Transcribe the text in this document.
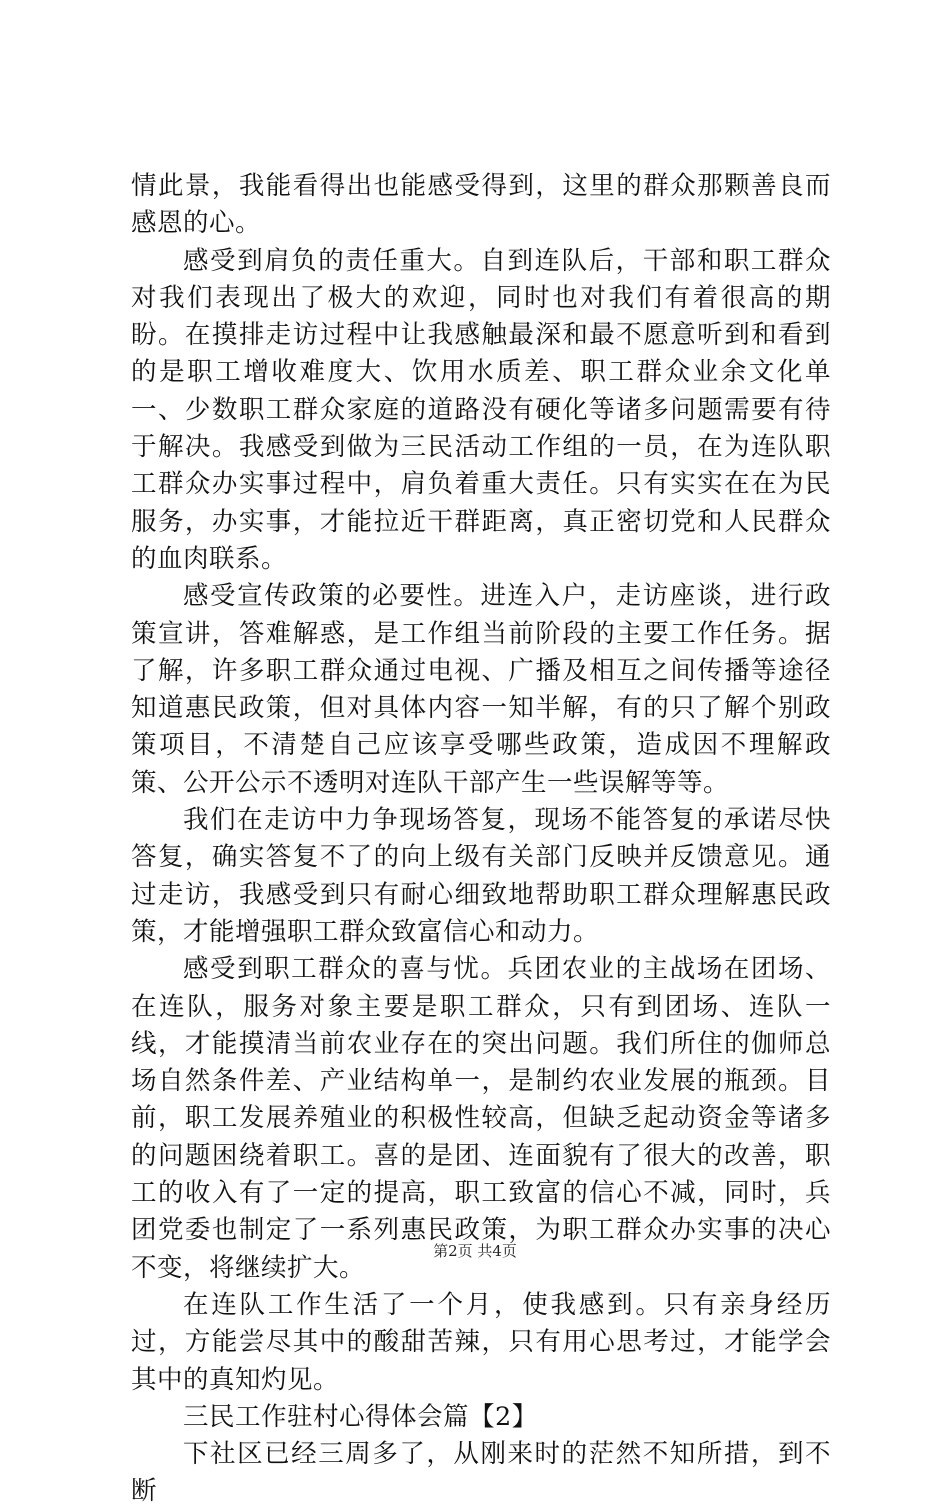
情此景，我能看得出也能感受得到，这里的群众那颗善良而感恩的心。

感受到肩负的责任重大。自到连队后，干部和职工群众对我们表现出了极大的欢迎，同时也对我们有着很高的期盼。在摸排走访过程中让我感触最深和最不愿意听到和看到的是职工增收难度大、饮用水质差、职工群众业余文化单一、少数职工群众家庭的道路没有硬化等诸多问题需要有待于解决。我感受到做为三民活动工作组的一员，在为连队职工群众办实事过程中，肩负着重大责任。只有实实在在为民服务，办实事，才能拉近干群距离，真正密切党和人民群众的血肉联系。

感受宣传政策的必要性。进连入户，走访座谈，进行政策宣讲，答难解惑，是工作组当前阶段的主要工作任务。据了解，许多职工群众通过电视、广播及相互之间传播等途径知道惠民政策，但对具体内容一知半解，有的只了解个别政策项目，不清楚自己应该享受哪些政策，造成因不理解政策、公开公示不透明对连队干部产生一些误解等等。

我们在走访中力争现场答复，现场不能答复的承诺尽快答复，确实答复不了的向上级有关部门反映并反馈意见。通过走访，我感受到只有耐心细致地帮助职工群众理解惠民政策，才能增强职工群众致富信心和动力。

感受到职工群众的喜与忧。兵团农业的主战场在团场、在连队，服务对象主要是职工群众，只有到团场、连队一线，才能摸清当前农业存在的突出问题。我们所住的伽师总场自然条件差、产业结构单一，是制约农业发展的瓶颈。目前，职工发展养殖业的积极性较高，但缺乏起动资金等诸多的问题困绕着职工。喜的是团、连面貌有了很大的改善，职工的收入有了一定的提高，职工致富的信心不减，同时，兵团党委也制定了一系列惠民政策，为职工群众办实事的决心不变，将继续扩大。

在连队工作生活了一个月，使我感到。只有亲身经历过，方能尝尽其中的酸甜苦辣，只有用心思考过，才能学会其中的真知灼见。

三民工作驻村心得体会篇【2】

下社区已经三周多了，从刚来时的茫然不知所措，到不断

第2页 共4页
